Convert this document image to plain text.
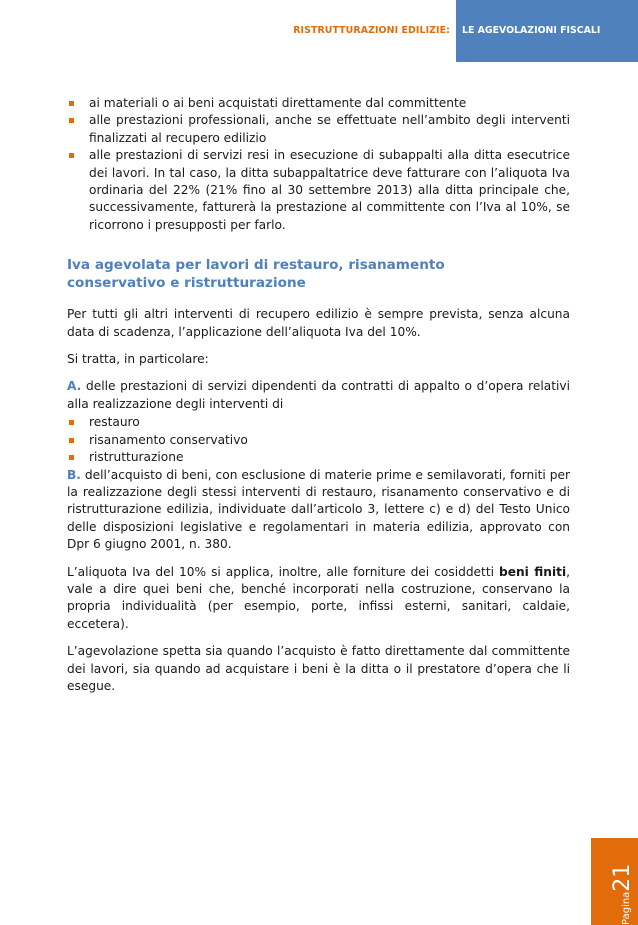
RISTRUTTURAZIONI EDILIZIE:	LE AGEVOLAZIONI FISCALI
ai materiali o ai beni acquistati direttamente dal committente
alle prestazioni professionali, anche se effettuate nell’ambito degli interventi finalizzati al recupero edilizio
alle prestazioni di servizi resi in esecuzione di subappalti alla ditta esecutrice dei lavori. In tal caso, la ditta subappaltatrice deve fatturare con l’aliquota Iva ordinaria del 22% (21% fino al 30 settembre 2013) alla ditta principale che, successivamente, fatturerà la prestazione al committente con l’Iva al 10%, se ricorrono i presupposti per farlo.
Iva agevolata per lavori di restauro, risanamento conservativo e ristrutturazione

Per tutti gli altri interventi di recupero edilizio è sempre prevista, senza alcuna data di scadenza, l’applicazione dell’aliquota Iva del 10%.

Si tratta, in particolare:

A. delle prestazioni di servizi dipendenti da contratti di appalto o d’opera relativi alla realizzazione degli interventi di

restauro
risanamento conservativo
ristrutturazione

B. dell’acquisto di beni, con esclusione di materie prime e semilavorati, forniti per la realizzazione degli stessi interventi di restauro, risanamento conservativo e di ristrutturazione edilizia, individuate dall’articolo 3, lettere c) e d) del Testo Unico delle disposizioni legislative e regolamentari in materia edilizia, approvato con Dpr 6 giugno 2001, n. 380.

L’aliquota Iva del 10% si applica, inoltre, alle forniture dei cosiddetti beni finiti, vale a dire quei beni che, benché incorporati nella costruzione, conservano la propria individualità (per esempio, porte, infissi esterni, sanitari, caldaie, eccetera).

L’agevolazione spetta sia quando l’acquisto è fatto direttamente dal committente dei lavori, sia quando ad acquistare i beni è la ditta o il prestatore d’opera che li esegue.

Pagina21
